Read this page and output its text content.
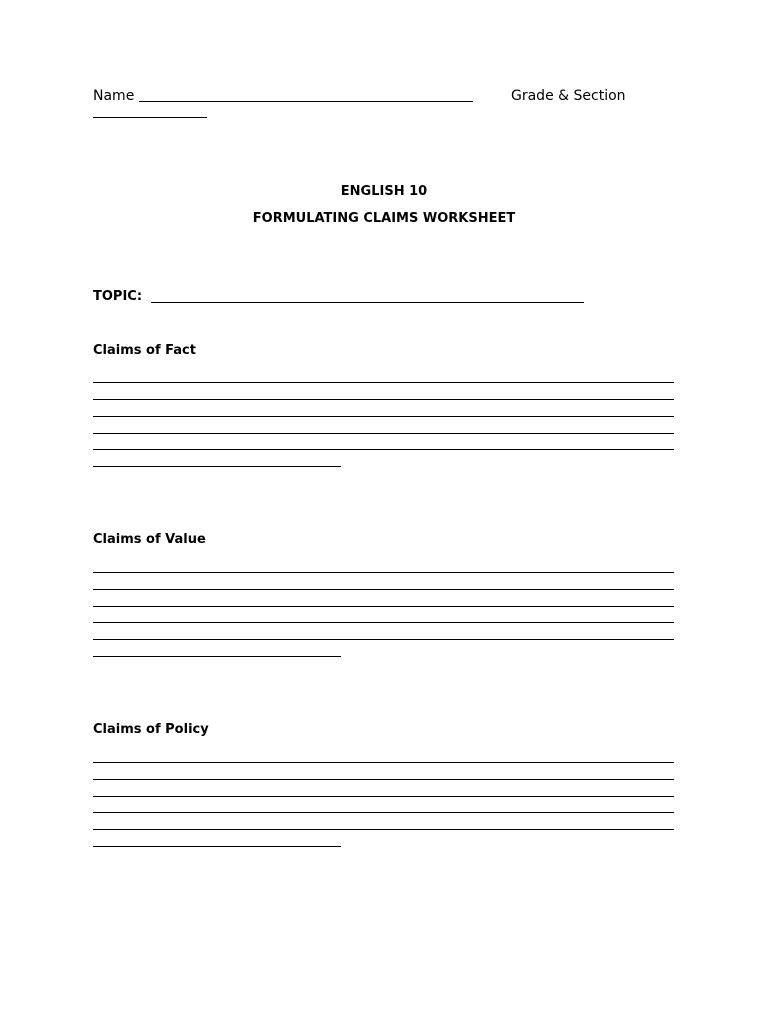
Name	Grade & Section
ENGLISH 10
FORMULATING CLAIMS WORKSHEET
TOPIC:
Claims of Fact
Claims of Value
Claims of Policy
